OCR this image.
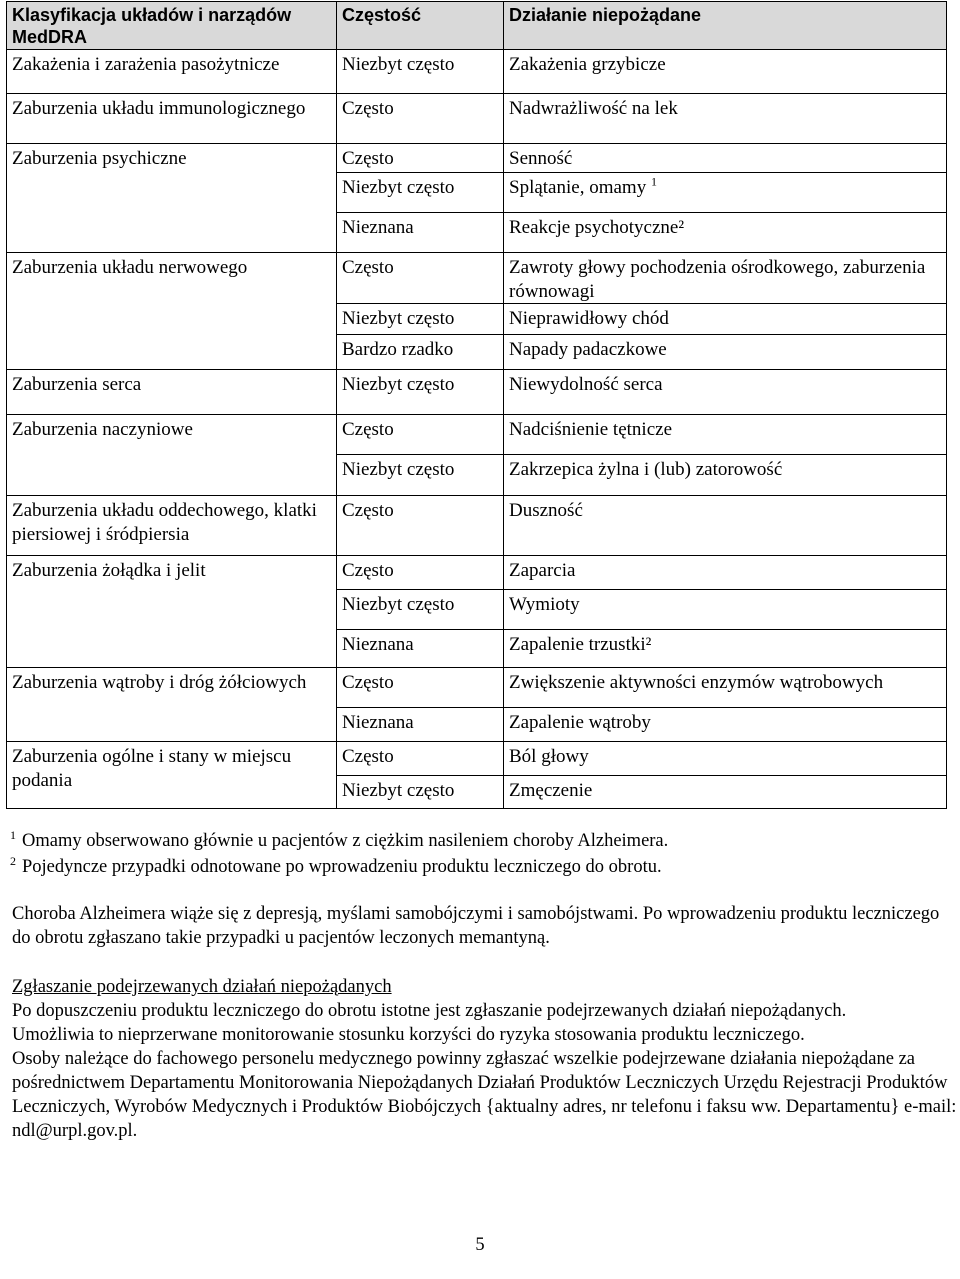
Klasyfikacja układów i narządów MedDRA	Częstość	Działanie niepożądane
Zakażenia i zarażenia pasożytnicze	Niezbyt często	Zakażenia grzybicze
Zaburzenia układu immunologicznego	Często	Nadwrażliwość na lek
Zaburzenia psychiczne	Często	Senność
	Niezbyt często	Splątanie, omamy $^1$
	Nieznana	Reakcje psychotyczne²
Zaburzenia układu nerwowego	Często	Zawroty głowy pochodzenia ośrodkowego, zaburzenia równowagi
	Niezbyt często	Nieprawidłowy chód
	Bardzo rzadko	Napady padaczkowe
Zaburzenia serca	Niezbyt często	Niewydolność serca
Zaburzenia naczyniowe	Często	Nadciśnienie tętnicze
	Niezbyt często	Zakrzepica żylna i (lub) zatorowość
Zaburzenia układu oddechowego, klatki piersiowej i śródpiersia	Często	Duszność
Zaburzenia żołądka i jelit	Często	Zaparcia
	Niezbyt często	Wymioty
	Nieznana	Zapalenie trzustki²
Zaburzenia wątroby i dróg żółciowych	Często	Zwiększenie aktywności enzymów wątrobowych
	Nieznana	Zapalenie wątroby
Zaburzenia ogólne i stany w miejscu podania	Często	Ból głowy
	Niezbyt często	Zmęczenie
$^1$ Omamy obserwowano głównie u pacjentów z ciężkim nasileniem choroby Alzheimera.
$^2$ Pojedyncze przypadki odnotowane po wprowadzeniu produktu leczniczego do obrotu.
Choroba Alzheimera wiąże się z depresją, myślami samobójczymi i samobójstwami. Po wprowadzeniu produktu leczniczego do obrotu zgłaszano takie przypadki u pacjentów leczonych memantyną.
Zgłaszanie podejrzewanych działań niepożądanych
Po dopuszczeniu produktu leczniczego do obrotu istotne jest zgłaszanie podejrzewanych działań niepożądanych.
Umożliwia to nieprzerwane monitorowanie stosunku korzyści do ryzyka stosowania produktu leczniczego.
Osoby należące do fachowego personelu medycznego powinny zgłaszać wszelkie podejrzewane działania niepożądane za pośrednictwem Departamentu Monitorowania Niepożądanych Działań Produktów Leczniczych Urzędu Rejestracji Produktów Leczniczych, Wyrobów Medycznych i Produktów Biobójczych {aktualny adres, nr telefonu i faksu ww. Departamentu} e-mail: ndl@urpl.gov.pl.
5
